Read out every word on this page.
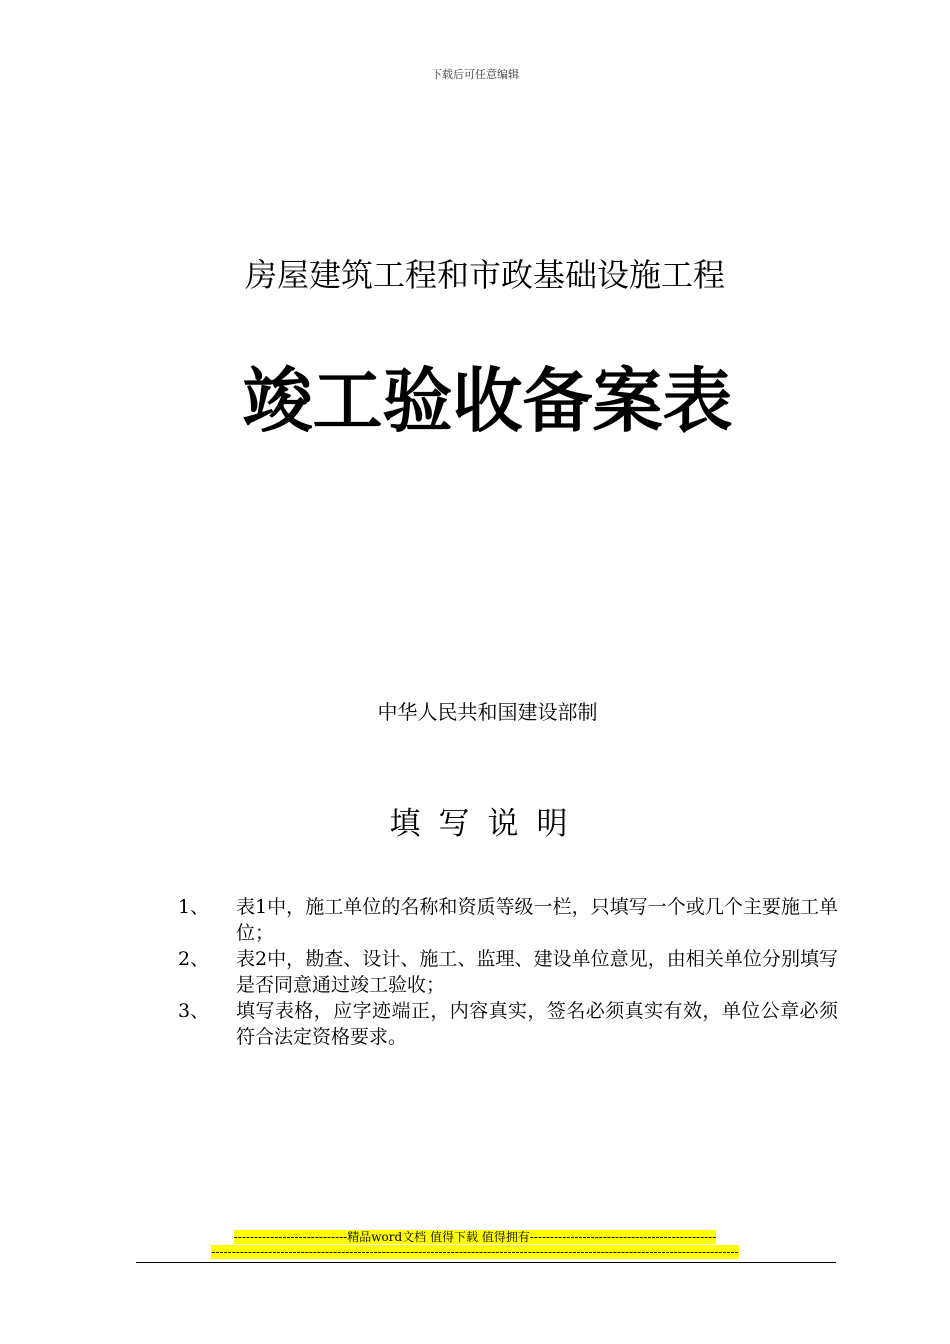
下载后可任意编辑
房屋建筑工程和市政基础设施工程
竣工验收备案表
中华人民共和国建设部制
填写说明
1、	表1中，施工单位的名称和资质等级一栏，只填写一个或几个主要施工单位；
2、	表2中，勘查、设计、施工、监理、建设单位意见，由相关单位分别填写是否同意通过竣工验收；
3、	填写表格，应字迹端正，内容真实，签名必须真实有效，单位公章必须符合法定资格要求。
----------------------------精品word文档 值得下载 值得拥有----------------------------------------------
----------------------------------------------------------------------------------------------------------------------------------
